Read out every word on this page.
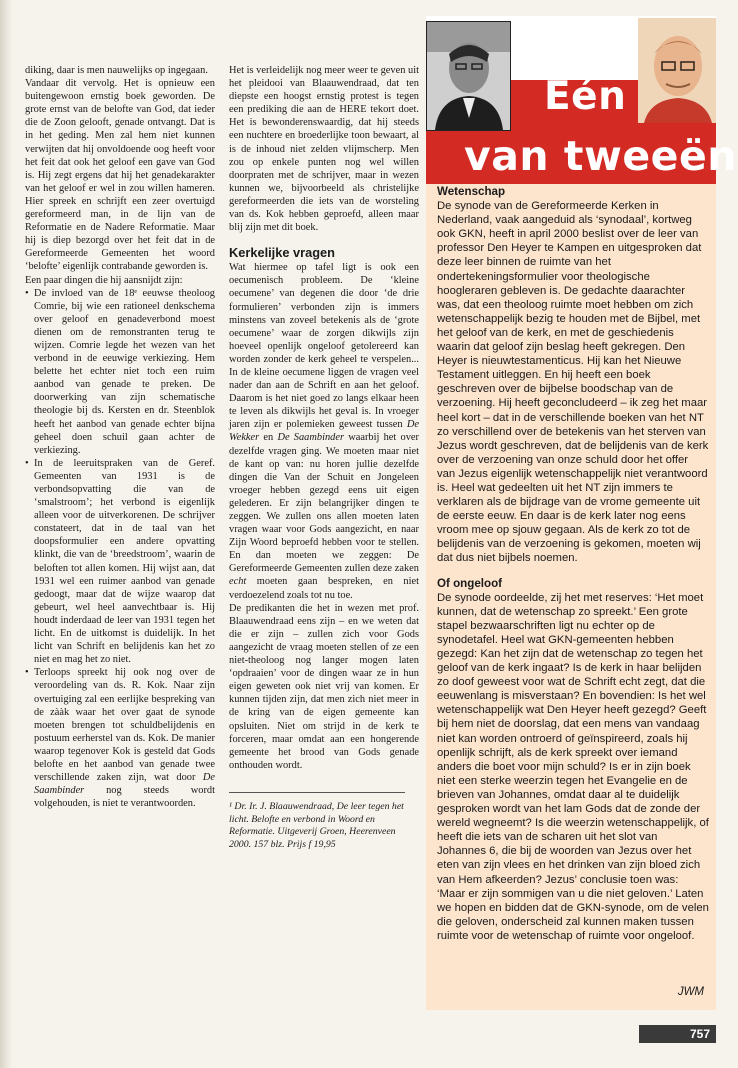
diking, daar is men nauwelijks op ingegaan.

Vandaar dit vervolg. Het is opnieuw een buitengewoon ernstig boek geworden. De grote ernst van de belofte van God, dat ieder die de Zoon gelooft, genade ontvangt. Dat is in het geding. Men zal hem niet kunnen verwijten dat hij onvoldoende oog heeft voor het feit dat ook het geloof een gave van God is. Hij zegt ergens dat hij het genadekarakter van het geloof er wel in zou willen hameren. Hier spreek en schrijft een zeer overtuigd gereformeerd man, in de lijn van de Reformatie en de Nadere Reformatie. Maar hij is diep bezorgd over het feit dat in de Gereformeerde Gemeenten het woord ‘belofte’ eigenlijk contrabande geworden is.

Een paar dingen die hij aansnijdt zijn:

• De invloed van de 18ᵉ eeuwse theoloog Comrie, bij wie een rationeel denkschema over geloof en genadeverbond moest dienen om de remonstranten terug te wijzen. Comrie legde het wezen van het verbond in de eeuwige verkiezing. Hem belette het echter niet toch een ruim aanbod van genade te preken. De doorwerking van zijn schematische theologie bij ds. Kersten en dr. Steenblok heeft het aanbod van genade echter bijna geheel doen schuil gaan achter de verkiezing.

• In de leeruitspraken van de Geref. Gemeenten van 1931 is de verbondsopvatting die van de ‘smalstroom’; het verbond is eigenlijk alleen voor de uitverkorenen. De schrijver constateert, dat in de taal van het doopsformulier een andere opvatting klinkt, die van de ‘breedstroom’, waarin de beloften tot allen komen. Hij wijst aan, dat 1931 wel een ruimer aanbod van genade gedoogt, maar dat de wijze waarop dat gebeurt, wel heel aanvechtbaar is. Hij houdt inderdaad de leer van 1931 tegen het licht. En de uitkomst is duidelijk. In het licht van Schrift en belijdenis kan het zo niet en mag het zo niet.

• Terloops spreekt hij ook nog over de veroordeling van ds. R. Kok. Naar zijn overtuiging zal een eerlijke bespreking van de zààk waar het over gaat de synode moeten brengen tot schuldbelijdenis en postuum eerherstel van ds. Kok. De manier waarop tegenover Kok is gesteld dat Gods belofte en het aanbod van genade twee verschillende zaken zijn, wat door De Saambinder nog steeds wordt volgehouden, is niet te verantwoorden.

Het is verleidelijk nog meer weer te geven uit het pleidooi van Blaauwendraad, dat ten diepste een hoogst ernstig protest is tegen een prediking die aan de HERE tekort doet. Het is bewonderenswaardig, dat hij steeds een nuchtere en broederlijke toon bewaart, al is de inhoud niet zelden vlijmscherp. Men zou op enkele punten nog wel willen doorpraten met de schrijver, maar in wezen kunnen we, bijvoorbeeld als christelijke gereformeerden die iets van de worsteling van ds. Kok hebben geproefd, alleen maar blij zijn met dit boek.

Kerkelijke vragen

Wat hiermee op tafel ligt is ook een oecumenisch probleem. De ‘kleine oecumene’ van degenen die door ‘de drie formulieren’ verbonden zijn is immers minstens van zoveel betekenis als de ‘grote oecumene’ waar de zorgen dikwijls zijn hoeveel openlijk ongeloof getolereerd kan worden zonder de kerk geheel te verspelen... In de kleine oecumene liggen de vragen veel nader dan aan de Schrift en aan het geloof. Daarom is het niet goed zo langs elkaar heen te leven als dikwijls het geval is. In vroeger jaren zijn er polemieken geweest tussen De Wekker en De Saambinder waarbij het over dezelfde vragen ging. We moeten maar niet de kant op van: nu horen jullie dezelfde dingen die Van der Schuit en Jongeleen vroeger hebben gezegd eens uit eigen gelederen. Er zijn belangrijker dingen te zeggen. We zullen ons allen moeten laten vragen waar voor Gods aangezicht, en naar Zijn Woord beproefd hebben voor te stellen. En dan moeten we zeggen: De Gereformeerde Gemeenten zullen deze zaken echt moeten gaan bespreken, en niet verdoezelend zoals tot nu toe.

De predikanten die het in wezen met prof. Blaauwendraad eens zijn – en we weten dat die er zijn – zullen zich voor Gods aangezicht de vraag moeten stellen of ze een niet-theoloog nog langer mogen laten ‘opdraaien’ voor de dingen waar ze in hun eigen geweten ook niet vrij van komen. Er kunnen tijden zijn, dat men zich niet meer in de kring van de eigen gemeente kan opsluiten. Niet om strijd in de kerk te forceren, maar omdat aan een hongerende gemeente het brood van Gods genade onthouden wordt.

¹ Dr. Ir. J. Blaauwendraad, De leer tegen het licht. Belofte en verbond in Woord en Reformatie. Uitgeverij Groen, Heerenveen 2000. 157 blz. Prijs f 19,95

Eén
van tweeën
Wetenschap

De synode van de Gereformeerde Kerken in Nederland, vaak aangeduid als ‘synodaal’, kortweg ook GKN, heeft in april 2000 beslist over de leer van professor Den Heyer te Kampen en uitgesproken dat deze leer binnen de ruimte van het ondertekeningsformulier voor theologische hoogleraren gebleven is. De gedachte daarachter was, dat een theoloog ruimte moet hebben om zich wetenschappelijk bezig te houden met de Bijbel, met het geloof van de kerk, en met de geschiedenis waarin dat geloof zijn beslag heeft gekregen. Den Heyer is nieuwtestamenticus. Hij kan het Nieuwe Testament uitleggen. En hij heeft een boek geschreven over de bijbelse boodschap van de verzoening. Hij heeft geconcludeerd – ik zeg het maar heel kort – dat in de verschillende boeken van het NT zo verschillend over de betekenis van het sterven van Jezus wordt geschreven, dat de belijdenis van de kerk over de verzoening van onze schuld door het offer van Jezus eigenlijk wetenschappelijk niet verantwoord is. Heel wat gedeelten uit het NT zijn immers te verklaren als de bijdrage van de vrome gemeente uit de eerste eeuw. En daar is de kerk later nog eens vroom mee op sjouw gegaan. Als de kerk zo tot de belijdenis van de verzoening is gekomen, moeten wij dat dus niet bijbels noemen.

Of ongeloof

De synode oordeelde, zij het met reserves: ‘Het moet kunnen, dat de wetenschap zo spreekt.’ Een grote stapel bezwaarschriften ligt nu echter op de synodetafel. Heel wat GKN-gemeenten hebben gezegd: Kan het zijn dat de wetenschap zo tegen het geloof van de kerk ingaat? Is de kerk in haar belijden zo doof geweest voor wat de Schrift echt zegt, dat die eeuwenlang is misverstaan? En bovendien: Is het wel wetenschappelijk wat Den Heyer heeft gezegd? Geeft bij hem niet de doorslag, dat een mens van vandaag niet kan worden ontroerd of geïnspireerd, zoals hij openlijk schrijft, als de kerk spreekt over iemand anders die boet voor mijn schuld? Is er in zijn boek niet een sterke weerzin tegen het Evangelie en de brieven van Johannes, omdat daar al te duidelijk gesproken wordt van het lam Gods dat de zonde der wereld wegneemt? Is die weerzin wetenschappelijk, of heeft die iets van de scharen uit het slot van Johannes 6, die bij de woorden van Jezus over het eten van zijn vlees en het drinken van zijn bloed zich van Hem afkeerden? Jezus’ conclusie toen was: ‘Maar er zijn sommigen van u die niet geloven.’ Laten we hopen en bidden dat de GKN-synode, om de velen die geloven, onderscheid zal kunnen maken tussen ruimte voor de wetenschap of ruimte voor ongeloof.

JWM
757
